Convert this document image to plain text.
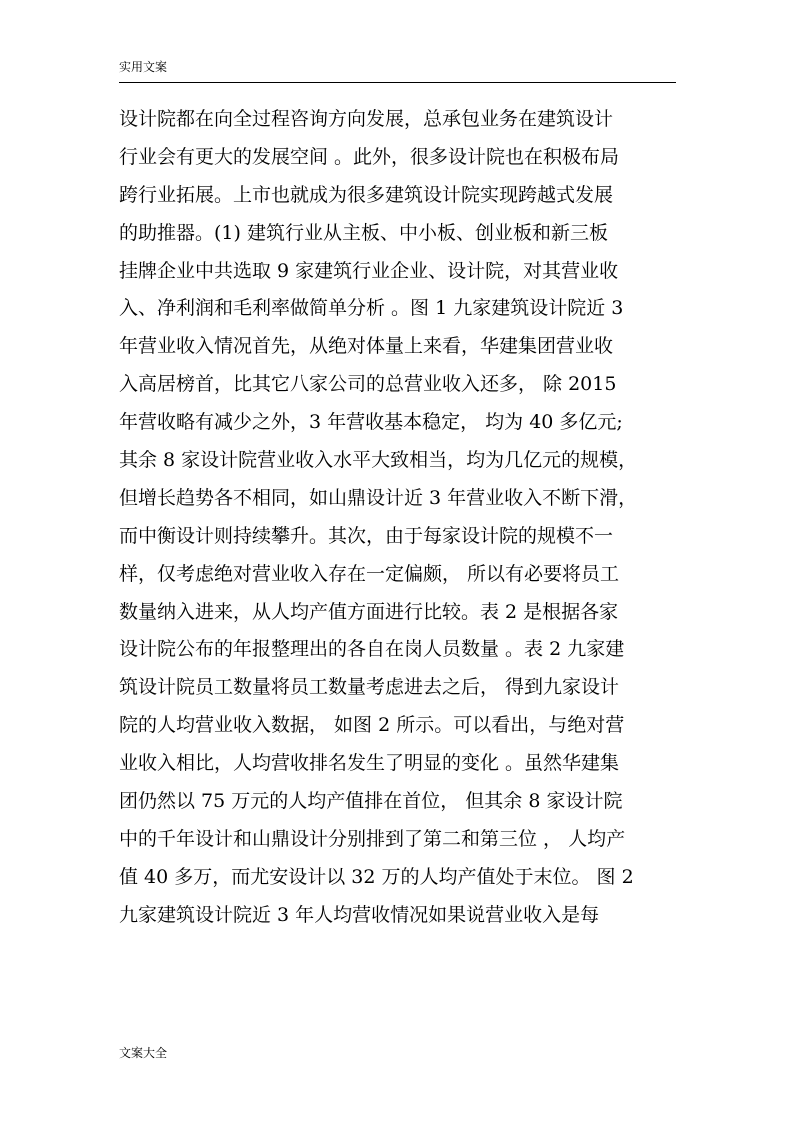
实用文案
设计院都在向全过程咨询方向发展，总承包业务在建筑设计
行业会有更大的发展空间 。此外，很多设计院也在积极布局
跨行业拓展。上市也就成为很多建筑设计院实现跨越式发展
的助推器。(1) 建筑行业从主板、中小板、创业板和新三板
挂牌企业中共选取 9 家建筑行业企业、设计院，对其营业收
入、净利润和毛利率做简单分析 。图 1 九家建筑设计院近 3
年营业收入情况首先，从绝对体量上来看，华建集团营业收
入高居榜首，比其它八家公司的总营业收入还多， 除 2015
年营收略有减少之外，3 年营收基本稳定， 均为 40 多亿元;
其余 8 家设计院营业收入水平大致相当，均为几亿元的规模，
但增长趋势各不相同，如山鼎设计近 3 年营业收入不断下滑，
而中衡设计则持续攀升。其次，由于每家设计院的规模不一
样，仅考虑绝对营业收入存在一定偏颇， 所以有必要将员工
数量纳入进来，从人均产值方面进行比较。表 2 是根据各家
设计院公布的年报整理出的各自在岗人员数量 。表 2 九家建
筑设计院员工数量将员工数量考虑进去之后， 得到九家设计
院的人均营业收入数据， 如图 2 所示。可以看出，与绝对营
业收入相比，人均营收排名发生了明显的变化 。虽然华建集
团仍然以 75 万元的人均产值排在首位， 但其余 8 家设计院
中的千年设计和山鼎设计分别排到了第二和第三位 ， 人均产
值 40 多万，而尤安设计以 32 万的人均产值处于末位。 图 2
九家建筑设计院近 3 年人均营收情况如果说营业收入是每
文案大全
